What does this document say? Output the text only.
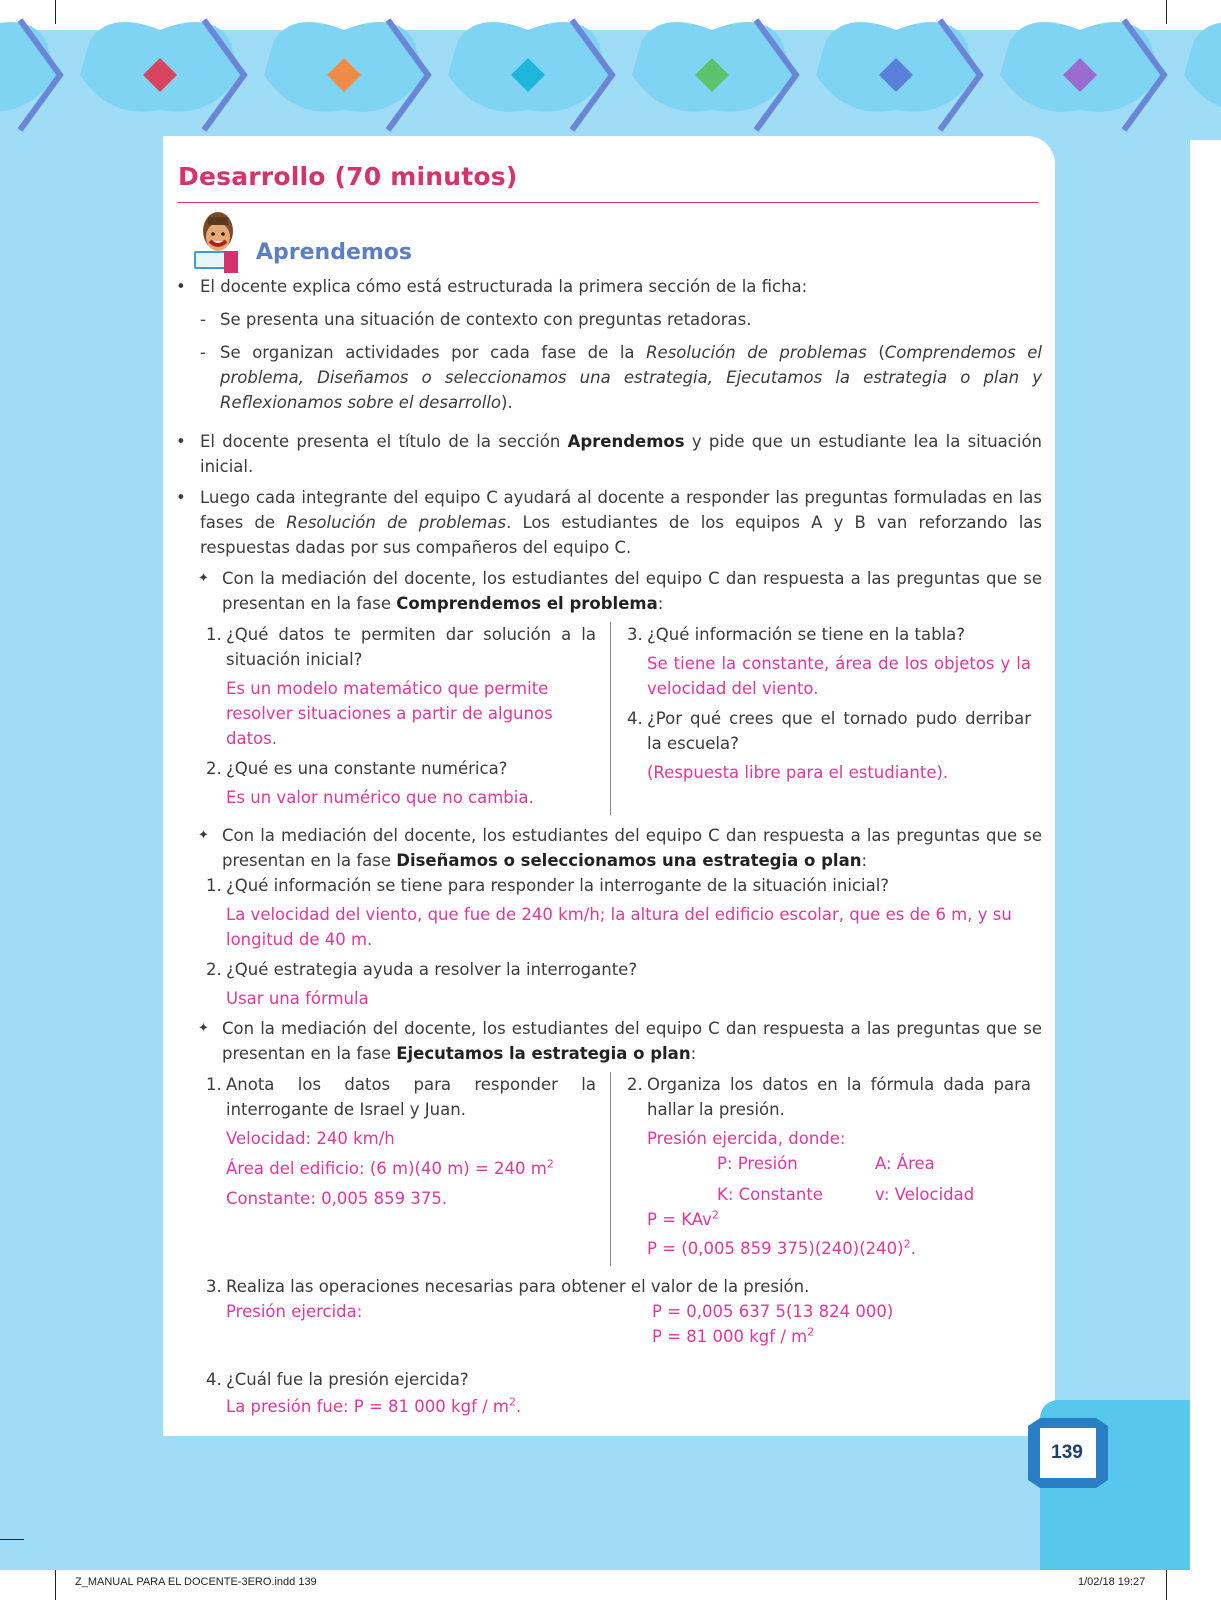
Desarrollo (70 minutos)
Aprendemos

• El docente explica cómo está estructurada la primera sección de la ficha:

- Se presenta una situación de contexto con preguntas retadoras.

- Se organizan actividades por cada fase de la Resolución de problemas (Comprendemos el problema, Diseñamos o seleccionamos una estrategia, Ejecutamos la estrategia o plan y Reflexionamos sobre el desarrollo).

• El docente presenta el título de la sección Aprendemos y pide que un estudiante lea la situación inicial.

• Luego cada integrante del equipo C ayudará al docente a responder las preguntas formuladas en las fases de Resolución de problemas. Los estudiantes de los equipos A y B van reforzando las respuestas dadas por sus compañeros del equipo C.

✦ Con la mediación del docente, los estudiantes del equipo C dan respuesta a las preguntas que se presentan en la fase Comprendemos el problema:

1. ¿Qué datos te permiten dar solución a la situación inicial?

Es un modelo matemático que permite resolver situaciones a partir de algunos datos.

2. ¿Qué es una constante numérica?

Es un valor numérico que no cambia.

3. ¿Qué información se tiene en la tabla?

Se tiene la constante, área de los objetos y la velocidad del viento.

4. ¿Por qué crees que el tornado pudo derribar la escuela?

(Respuesta libre para el estudiante).

✦ Con la mediación del docente, los estudiantes del equipo C dan respuesta a las preguntas que se presentan en la fase Diseñamos o seleccionamos una estrategia o plan:

1. ¿Qué información se tiene para responder la interrogante de la situación inicial?

La velocidad del viento, que fue de 240 km/h; la altura del edificio escolar, que es de 6 m, y su longitud de 40 m.

2. ¿Qué estrategia ayuda a resolver la interrogante?

Usar una fórmula

✦ Con la mediación del docente, los estudiantes del equipo C dan respuesta a las preguntas que se presentan en la fase Ejecutamos la estrategia o plan:

1. Anota los datos para responder la interrogante de Israel y Juan.

Velocidad: 240 km/h

Área del edificio: (6 m)(40 m) = 240 $m^2$

Constante: 0,005 859 375.

2. Organiza los datos en la fórmula dada para hallar la presión.

Presión ejercida, donde:

P: Presión	A: Área
K: Constante	v: Velocidad

P = KAv$^2$

P = (0,005 859 $375)(240)(240)^2$.

3. Realiza las operaciones necesarias para obtener el valor de la presión.

Presión ejercida:	P = 0,005 637 5(13 824 000)
P = 81 000 kgf / $m^2$

4. ¿Cuál fue la presión ejercida?

La presión fue: P = 81 000 kgf / $m^2$.

139
Z_MANUAL PARA EL DOCENTE-3ERO.indd 139	1/02/18 19:27
